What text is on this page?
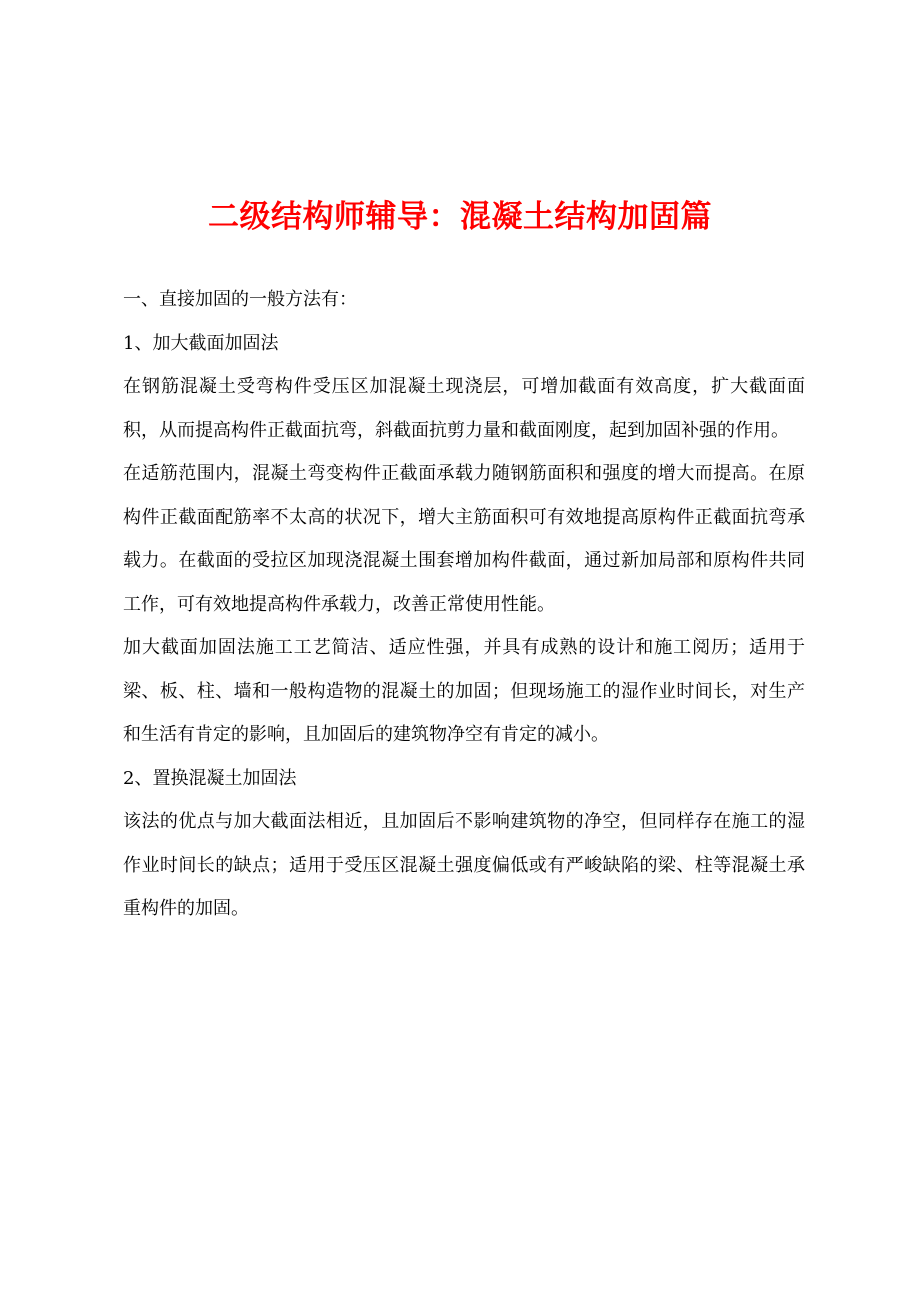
二级结构师辅导：混凝土结构加固篇

一、直接加固的一般方法有：

1、加大截面加固法

在钢筋混凝土受弯构件受压区加混凝土现浇层，可增加截面有效高度，扩大截面面积，从而提高构件正截面抗弯，斜截面抗剪力量和截面刚度，起到加固补强的作用。

在适筋范围内，混凝土弯变构件正截面承载力随钢筋面积和强度的增大而提高。在原构件正截面配筋率不太高的状况下，增大主筋面积可有效地提高原构件正截面抗弯承载力。在截面的受拉区加现浇混凝土围套增加构件截面，通过新加局部和原构件共同工作，可有效地提高构件承载力，改善正常使用性能。

加大截面加固法施工工艺简洁、适应性强，并具有成熟的设计和施工阅历；适用于梁、板、柱、墙和一般构造物的混凝土的加固；但现场施工的湿作业时间长，对生产和生活有肯定的影响，且加固后的建筑物净空有肯定的减小。

2、置换混凝土加固法

该法的优点与加大截面法相近，且加固后不影响建筑物的净空，但同样存在施工的湿作业时间长的缺点；适用于受压区混凝土强度偏低或有严峻缺陷的梁、柱等混凝土承重构件的加固。
